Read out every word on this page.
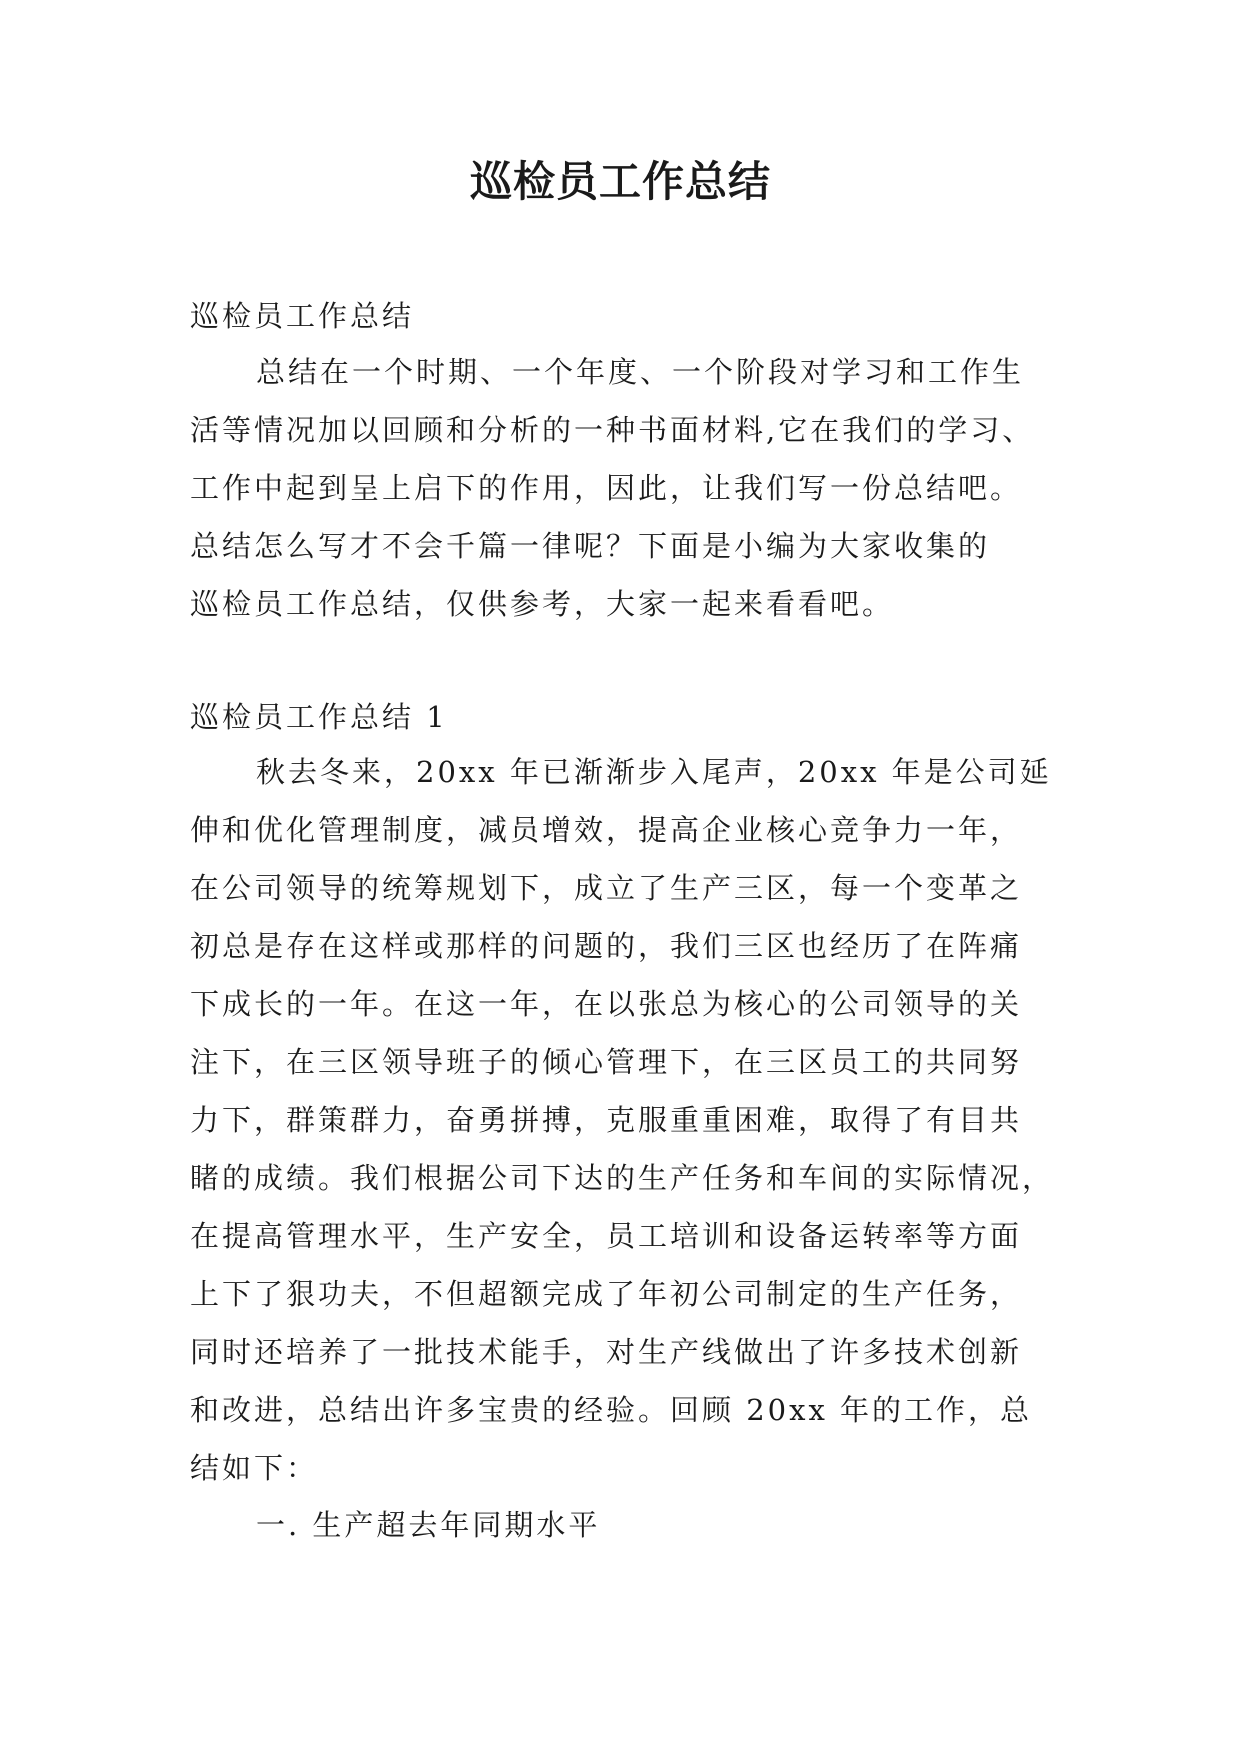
巡检员工作总结

巡检员工作总结

总结在一个时期、一个年度、一个阶段对学习和工作生
活等情况加以回顾和分析的一种书面材料,它在我们的学习、
工作中起到呈上启下的作用，因此，让我们写一份总结吧。
总结怎么写才不会千篇一律呢？下面是小编为大家收集的
巡检员工作总结，仅供参考，大家一起来看看吧。

巡检员工作总结 1

秋去冬来，20xx 年已渐渐步入尾声，20xx 年是公司延
伸和优化管理制度，减员增效，提高企业核心竞争力一年，
在公司领导的统筹规划下，成立了生产三区，每一个变革之
初总是存在这样或那样的问题的，我们三区也经历了在阵痛
下成长的一年。在这一年，在以张总为核心的公司领导的关
注下，在三区领导班子的倾心管理下，在三区员工的共同努
力下，群策群力，奋勇拼搏，克服重重困难，取得了有目共
睹的成绩。我们根据公司下达的生产任务和车间的实际情况，
在提高管理水平，生产安全，员工培训和设备运转率等方面
上下了狠功夫，不但超额完成了年初公司制定的生产任务，
同时还培养了一批技术能手，对生产线做出了许多技术创新
和改进，总结出许多宝贵的经验。回顾 20xx 年的工作，总
结如下：

一. 生产超去年同期水平
